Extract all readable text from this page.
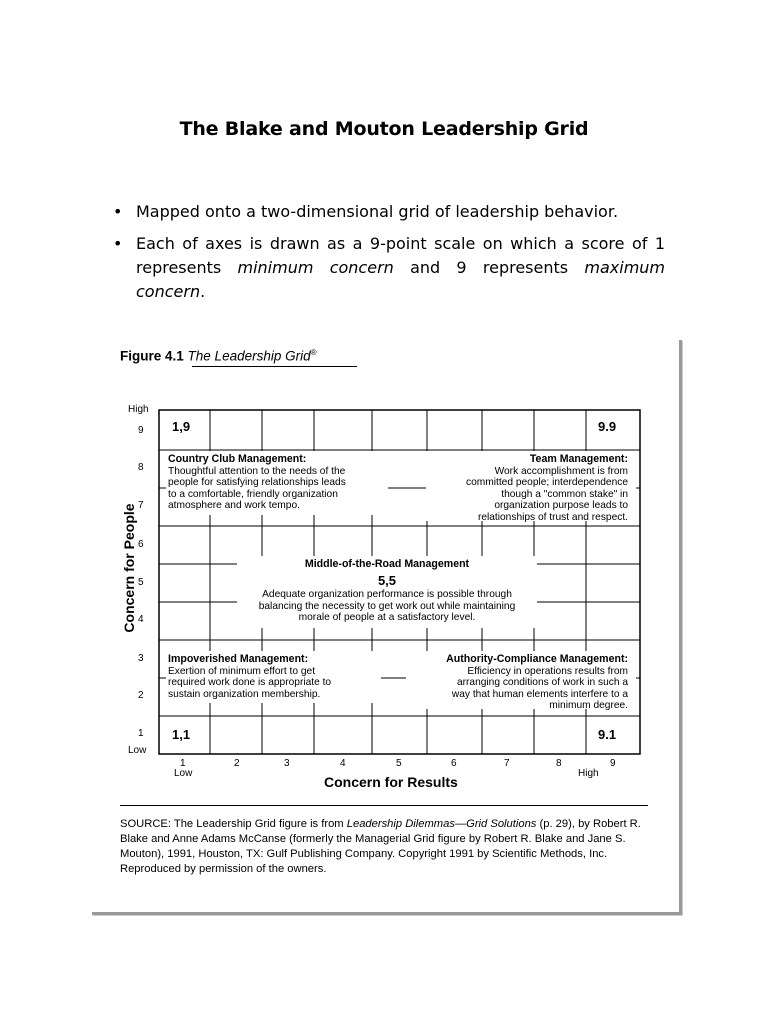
The Blake and Mouton Leadership Grid
• Mapped onto a two-dimensional grid of leadership behavior.
• Each of axes is drawn as a 9-point scale on which a score of 1 represents minimum concern and 9 represents maximum concern.
Figure 4.1 The Leadership Grid®
High
9
8
7
6
5
4
3
2
1
Low
1	2	3	4	5	6	7	8	9
Low	High
Concern for People
Concern for Results
1,9	9.9
1,1	9.1
Country Club Management:
Thoughtful attention to the needs of the
people for satisfying relationships leads
to a comfortable, friendly organization
atmosphere and work tempo.
Team Management:
Work accomplishment is from
committed people; interdependence
though a "common stake" in
organization purpose leads to
relationships of trust and respect.
Middle-of-the-Road Management
5,5
Adequate organization performance is possible through
balancing the necessity to get work out while maintaining
morale of people at a satisfactory level.
Impoverished Management:
Exertion of minimum effort to get
required work done is appropriate to
sustain organization membership.
Authority-Compliance Management:
Efficiency in operations results from
arranging conditions of work in such a
way that human elements interfere to a
minimum degree.
SOURCE: The Leadership Grid figure is from Leadership Dilemmas—Grid Solutions (p. 29), by Robert R. Blake and Anne Adams McCanse (formerly the Managerial Grid figure by Robert R. Blake and Jane S. Mouton), 1991, Houston, TX: Gulf Publishing Company. Copyright 1991 by Scientific Methods, Inc. Reproduced by permission of the owners.
